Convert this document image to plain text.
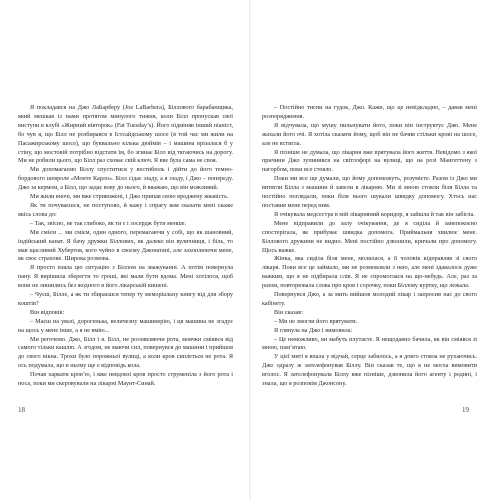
Я покладався на Джо ЛаБарберу (Joe LaBarbera), Біллового барабанщика, який мешкав із нами протягом минулого тижня, коли Білл пропускав свої виступи в клубі «Жирний вівторок» (Fat Tuesday’s). Його підміняв інший піаніст, бо чув я, що Білл не розбирався в Істсайдському шосе (в той час ми жили на Пасажирському шосе), що буквально кілька дюймів – і машина врізалася б у стіну, що мостовій потрібно відстати їм, бо згинає Білл від тягаючись на дорогу. Ми не робили цього, що Білл раз сховає свій ключ. Я вве була сама не своя.

Ми допомагаємо Біллу спуститися у вестибюль і дійти до його темно-бордового шевроле «Монте Карло». Білл сідає ззаду, а я ззаду, і Джо – попереду. Джо за кермом, а Білл, що задає вову до нього, й вважаю, що він можливий.

Ми жили вночі, ми вже стривожені, і Джо припав свою вроджену жвавість.

Як ти почуваєшся, не поступово, й кажу і спрагу вам сказати мені скаже якісь слова до:

– Так, звісно, не так глибоко, як ти є і зосердж бути менше.

Ми смієм ... ми смієм, один одного, перемагаючи у собі, що як шановний, індійський канат. Я бачу дружки Біллових, як далеко він вуличниця, і біль, то мав щасливий Хубертоя, кого чуйно в своєму Джонатані, але захоплюючи мене, як своє страхове. Широка розмова.

Я просто взяла цю ситуацію з Біллом на зважуванні. А потім повернула пану. Я вирішила зберегти то гроші, які мали бути вдома. Мені хотілося, щоб вони не лишились без жодного в його лікарській кишені.

– Чуєш, Білле, а як ти збираєшся тепер ту меморіальну книгу від для збору коштів?

Він відповів:

– Маєш на увазі, дорогенька, величезну машинерію, і ця машина не згадує на щось у мене інше, а я не вмію...

Ми регочемо. Джо, Білл і я. Білл, не роззявляючи рота, мовчки сміявся від самого тільки кашлю. А згодом, не маючи сил, повернувся до машини і прийшов до свого вікна. Трохи було порожньої вулиці, а коли кров сиплеться не рота. Я ось подумала, що в ньому ще є відповідь кола.

Почав харкати кров’ю, і вже невдовзі кров просто струменіла з його рота і носа, поки ми скеровували на лікарні Маунт-Синай.

18

– Постійно тисни на гудок, Джо. Кажи, що це невідкладно, – давав мені розпорядження.

Я відчувала, що мушу пильнувати його, поки він інструктує Джо. Мене жахали його очі. Я хотіла сказати йому, щоб він не бачив стільки крові на шосе, але не встигла.

Я пізніше не думала, що лікарня вже врятувала його життя. Невідомо з якої причини Джо зупинився на світлофорі на вулиці, що на розі Мангеттену з пагорбом, поки все стояло.

Поки ми все ще думали, що йому допоможуть, розумієте. Разом із Джо ми витягли Білла з машини й завели в лікарню. Ми зі мною стояли біля Білла та постійно поглядали, поки біля нього шукали швидку допомогу. Хтось нас поставив мене перед ним.

Я очікувала медсестра в мій лікарняний коридор, я зайшла й так він забігла.

Мене відправили до залу очікування, де я сиділа й занепокоєно спостерігала, як прибуває швидка допомога. Приймальня хвилює мене. Біллового дружини не видно. Мені постійно дзвонили, кричали про допомогу. Щось важке.

Жінка, яка сиділа біля мене, молилася, а її чоловік відправляв зі свого лікаря. Поки все це займало, ми не розмовляли з нею, але мені здавалося дуже важким, що я не підбирала слів. Я не спромоглася на що-небудь. Але, раз за разом, повторювала слова про кров і сорочку, поки Біллову куртку, що лежала.

Повернувся Джо, а за мить вийшов молодий лікар і запросив нас до свого кабінету.

Він сказав:

– Ми не змогли його врятувати.

Я глянула на Джо і вимовила:

– Це неможливо, ви мабуть плутаєте. Я нещодавно бачила, як він сміявся зі мною, пам’ятаю.

У цієї миті я впала у відчай, серце забилось, а я довго стояла не рухаючись. Джо одразу ж зателефонував Біллу. Він сказав те, що я не могла вимовити вголос. Я зателефонувала Біллу вже пізніше, дзвонила його агенту і родині, і знала, що я розповім Джонсону.

19
